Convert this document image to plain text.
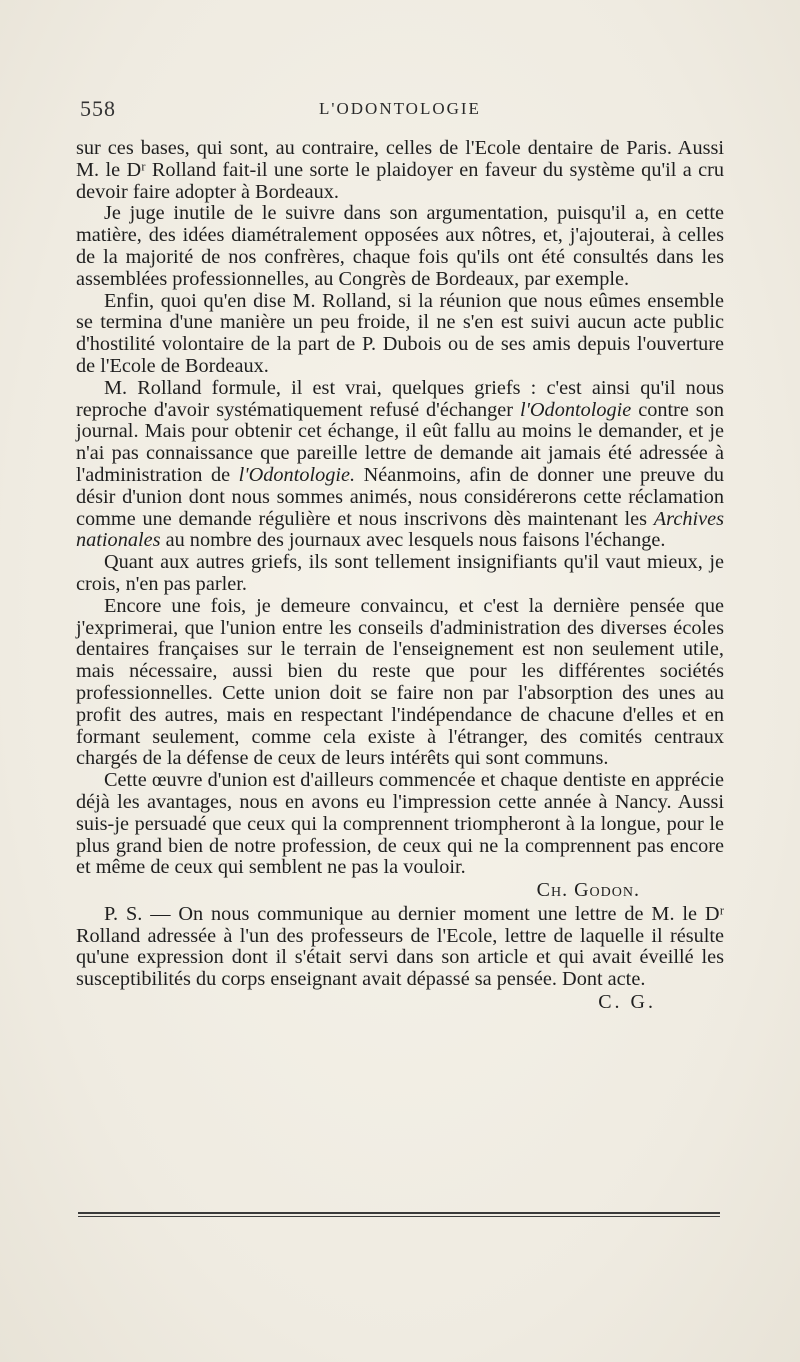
558	L'ODONTOLOGIE

sur ces bases, qui sont, au contraire, celles de l'Ecole dentaire de Paris. Aussi M. le Dʳ Rolland fait-il une sorte le plaidoyer en faveur du système qu'il a cru devoir faire adopter à Bordeaux.

Je juge inutile de le suivre dans son argumentation, puisqu'il a, en cette matière, des idées diamétralement opposées aux nôtres, et, j'ajouterai, à celles de la majorité de nos confrères, chaque fois qu'ils ont été consultés dans les assemblées professionnelles, au Congrès de Bordeaux, par exemple.

Enfin, quoi qu'en dise M. Rolland, si la réunion que nous eûmes ensemble se termina d'une manière un peu froide, il ne s'en est suivi aucun acte public d'hostilité volontaire de la part de P. Dubois ou de ses amis depuis l'ouverture de l'Ecole de Bordeaux.

M. Rolland formule, il est vrai, quelques griefs : c'est ainsi qu'il nous reproche d'avoir systématiquement refusé d'échanger l'Odontologie contre son journal. Mais pour obtenir cet échange, il eût fallu au moins le demander, et je n'ai pas connaissance que pareille lettre de demande ait jamais été adressée à l'administration de l'Odontologie. Néanmoins, afin de donner une preuve du désir d'union dont nous sommes animés, nous considérerons cette réclamation comme une demande régulière et nous inscrivons dès maintenant les Archives nationales au nombre des journaux avec lesquels nous faisons l'échange.

Quant aux autres griefs, ils sont tellement insignifiants qu'il vaut mieux, je crois, n'en pas parler.

Encore une fois, je demeure convaincu, et c'est la dernière pensée que j'exprimerai, que l'union entre les conseils d'administration des diverses écoles dentaires françaises sur le terrain de l'enseignement est non seulement utile, mais nécessaire, aussi bien du reste que pour les différentes sociétés professionnelles. Cette union doit se faire non par l'absorption des unes au profit des autres, mais en respectant l'indépendance de chacune d'elles et en formant seulement, comme cela existe à l'étranger, des comités centraux chargés de la défense de ceux de leurs intérêts qui sont communs.

Cette œuvre d'union est d'ailleurs commencée et chaque dentiste en apprécie déjà les avantages, nous en avons eu l'impression cette année à Nancy. Aussi suis-je persuadé que ceux qui la comprennent triompheront à la longue, pour le plus grand bien de notre profession, de ceux qui ne la comprennent pas encore et même de ceux qui semblent ne pas la vouloir.

Ch. Godon.

P. S. — On nous communique au dernier moment une lettre de M. le Dʳ Rolland adressée à l'un des professeurs de l'Ecole, lettre de laquelle il résulte qu'une expression dont il s'était servi dans son article et qui avait éveillé les susceptibilités du corps enseignant avait dépassé sa pensée. Dont acte.

C. G.
